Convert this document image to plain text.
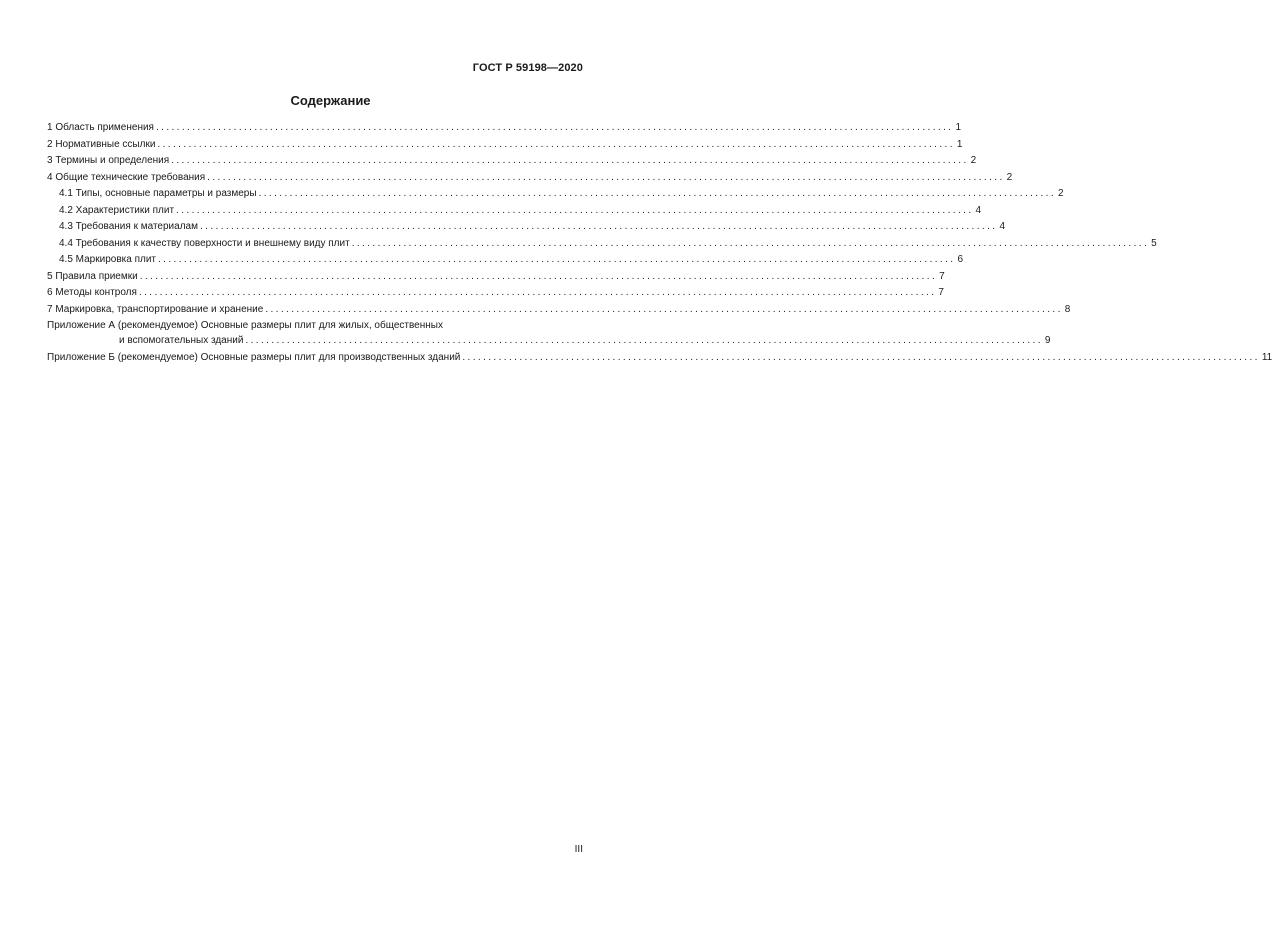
ГОСТ Р 59198—2020
Содержание
1 Область применения .......................................................................................................................................................... 1
2 Нормативные ссылки .......................................................................................................................................................... 1
3 Термины и определения .......................................................................................................................................................... 2
4 Общие технические требования .......................................................................................................................................................... 2
4.1 Типы, основные параметры и размеры .......................................................................................................................................................... 2
4.2 Характеристики плит .......................................................................................................................................................... 4
4.3 Требования к материалам .......................................................................................................................................................... 4
4.4 Требования к качеству поверхности и внешнему виду плит .......................................................................................................................................................... 5
4.5 Маркировка плит .......................................................................................................................................................... 6
5 Правила приемки .......................................................................................................................................................... 7
6 Методы контроля .......................................................................................................................................................... 7
7 Маркировка, транспортирование и хранение .......................................................................................................................................................... 8
Приложение А (рекомендуемое) Основные размеры плит для жилых, общественных
и вспомогательных зданий .......................................................................................................................................................... 9
Приложение Б (рекомендуемое) Основные размеры плит для производственных зданий .......................................................................................................................................................... 11
III
